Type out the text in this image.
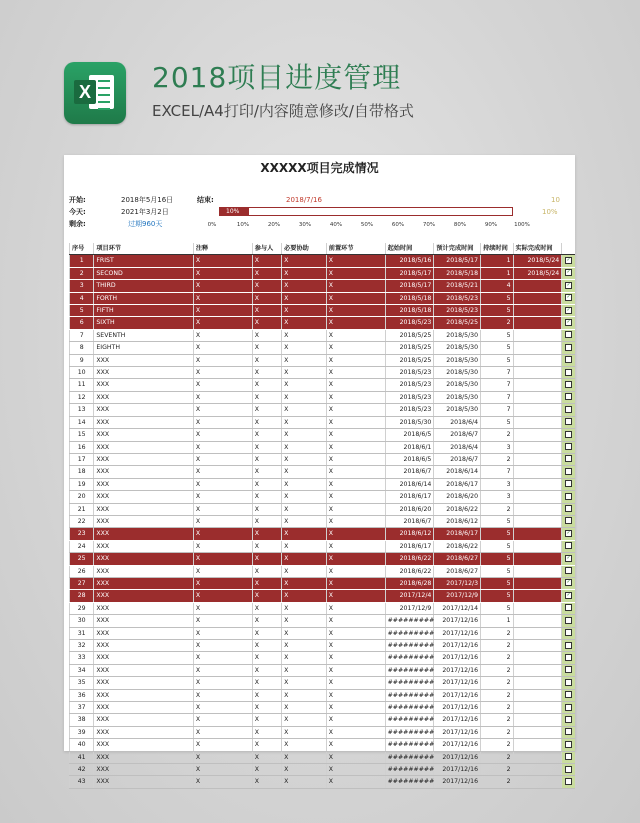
X 2018项目进度管理
EXCEL/A4打印/内容随意修改/自带格式
XXXXX项目完成情况
开始:	2018年5月16日	结束:	2018/7/16	10
今天:	2021年3月2日	10%	10%
剩余:	过期960天	0%	10%	20%	30%	40%	50%	60%	70%	80%	90%	100%
序号	项目环节	注释	参与人	必要协助	前置环节	起始时间	预计完成时间	持续时间	实际完成时间	
1	FRIST	X	X	X	X	2018/5/16	2018/5/17	1	2018/5/24	✓
2	SECOND	X	X	X	X	2018/5/17	2018/5/18	1	2018/5/24	✓
3	THIRD	X	X	X	X	2018/5/17	2018/5/21	4		✓
4	FORTH	X	X	X	X	2018/5/18	2018/5/23	5		✓
5	FIFTH	X	X	X	X	2018/5/18	2018/5/23	5		✓
6	SIXTH	X	X	X	X	2018/5/23	2018/5/25	2		✓
7	SEVENTH	X	X	X	X	2018/5/25	2018/5/30	5		
8	EIGHTH	X	X	X	X	2018/5/25	2018/5/30	5		
9	XXX	X	X	X	X	2018/5/25	2018/5/30	5		
10	XXX	X	X	X	X	2018/5/23	2018/5/30	7		
11	XXX	X	X	X	X	2018/5/23	2018/5/30	7		
12	XXX	X	X	X	X	2018/5/23	2018/5/30	7		
13	XXX	X	X	X	X	2018/5/23	2018/5/30	7		
14	XXX	X	X	X	X	2018/5/30	2018/6/4	5		
15	XXX	X	X	X	X	2018/6/5	2018/6/7	2		
16	XXX	X	X	X	X	2018/6/1	2018/6/4	3		
17	XXX	X	X	X	X	2018/6/5	2018/6/7	2		
18	XXX	X	X	X	X	2018/6/7	2018/6/14	7		
19	XXX	X	X	X	X	2018/6/14	2018/6/17	3		
20	XXX	X	X	X	X	2018/6/17	2018/6/20	3		
21	XXX	X	X	X	X	2018/6/20	2018/6/22	2		
22	XXX	X	X	X	X	2018/6/7	2018/6/12	5		
23	XXX	X	X	X	X	2018/6/12	2018/6/17	5		✓
24	XXX	X	X	X	X	2018/6/17	2018/6/22	5		
25	XXX	X	X	X	X	2018/6/22	2018/6/27	5		✓
26	XXX	X	X	X	X	2018/6/22	2018/6/27	5		
27	XXX	X	X	X	X	2018/6/28	2017/12/3	5		✓
28	XXX	X	X	X	X	2017/12/4	2017/12/9	5		✓
29	XXX	X	X	X	X	2017/12/9	2017/12/14	5		
30	XXX	X	X	X	X	#########	2017/12/16	1		
31	XXX	X	X	X	X	#########	2017/12/16	2		
32	XXX	X	X	X	X	#########	2017/12/16	2		
33	XXX	X	X	X	X	#########	2017/12/16	2		
34	XXX	X	X	X	X	#########	2017/12/16	2		
35	XXX	X	X	X	X	#########	2017/12/16	2		
36	XXX	X	X	X	X	#########	2017/12/16	2		
37	XXX	X	X	X	X	#########	2017/12/16	2		
38	XXX	X	X	X	X	#########	2017/12/16	2		
39	XXX	X	X	X	X	#########	2017/12/16	2		
40	XXX	X	X	X	X	#########	2017/12/16	2		
41	XXX	X	X	X	X	#########	2017/12/16	2		
42	XXX	X	X	X	X	#########	2017/12/16	2		
43	XXX	X	X	X	X	#########	2017/12/16	2		
